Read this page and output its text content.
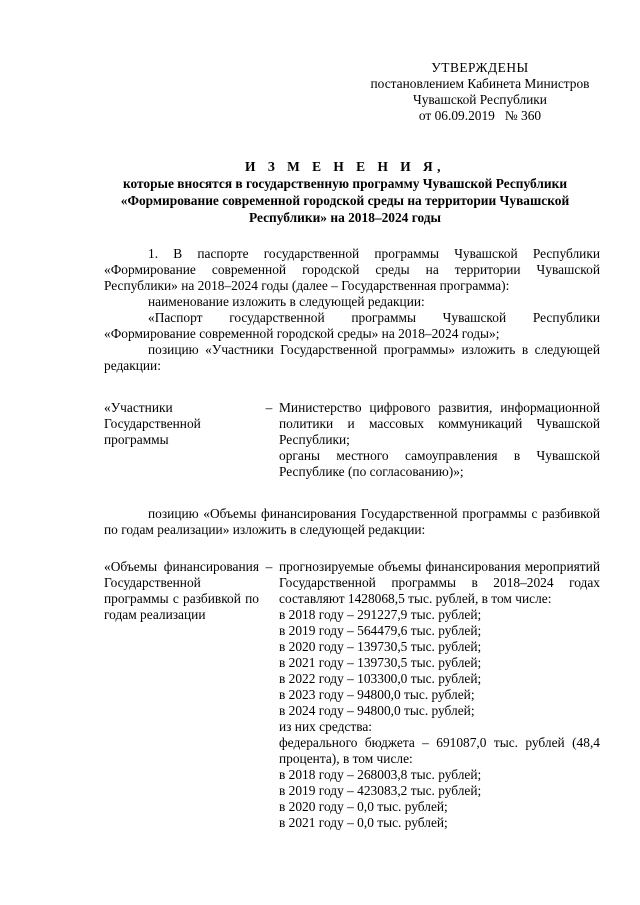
УТВЕРЖДЕНЫ
постановлением Кабинета Министров
Чувашской Республики
от 06.09.2019   № 360
И З М Е Н Е Н И Я,
которые вносятся в государственную программу Чувашской Республики
«Формирование современной городской среды на территории Чувашской Республики» на 2018–2024 годы

1. В паспорте государственной программы Чувашской Республики «Формирование современной городской среды на территории Чувашской Республики» на 2018–2024 годы (далее – Государственная программа):

наименование изложить в следующей редакции:

«Паспорт государственной программы Чувашской Республики «Формирование современной городской среды» на 2018–2024 годы»;

позицию «Участники Государственной программы» изложить в следующей редакции:

«Участники Государственной программы
– Министерство цифрового развития, информационной политики и массовых коммуникаций Чувашской Республики;
органы местного самоуправления в Чувашской Республике (по согласованию)»;

позицию «Объемы финансирования Государственной программы с разбивкой по годам реализации» изложить в следующей редакции:

«Объемы финансирования Государственной программы с разбивкой по годам реализации
– прогнозируемые объемы финансирования мероприятий Государственной программы в 2018–2024 годах составляют 1428068,5 тыс. рублей, в том числе:
в 2018 году – 291227,9 тыс. рублей;
в 2019 году – 564479,6 тыс. рублей;
в 2020 году – 139730,5 тыс. рублей;
в 2021 году – 139730,5 тыс. рублей;
в 2022 году – 103300,0 тыс. рублей;
в 2023 году – 94800,0 тыс. рублей;
в 2024 году – 94800,0 тыс. рублей;
из них средства:
федерального бюджета – 691087,0 тыс. рублей (48,4 процента), в том числе:
в 2018 году – 268003,8 тыс. рублей;
в 2019 году – 423083,2 тыс. рублей;
в 2020 году – 0,0 тыс. рублей;
в 2021 году – 0,0 тыс. рублей;
